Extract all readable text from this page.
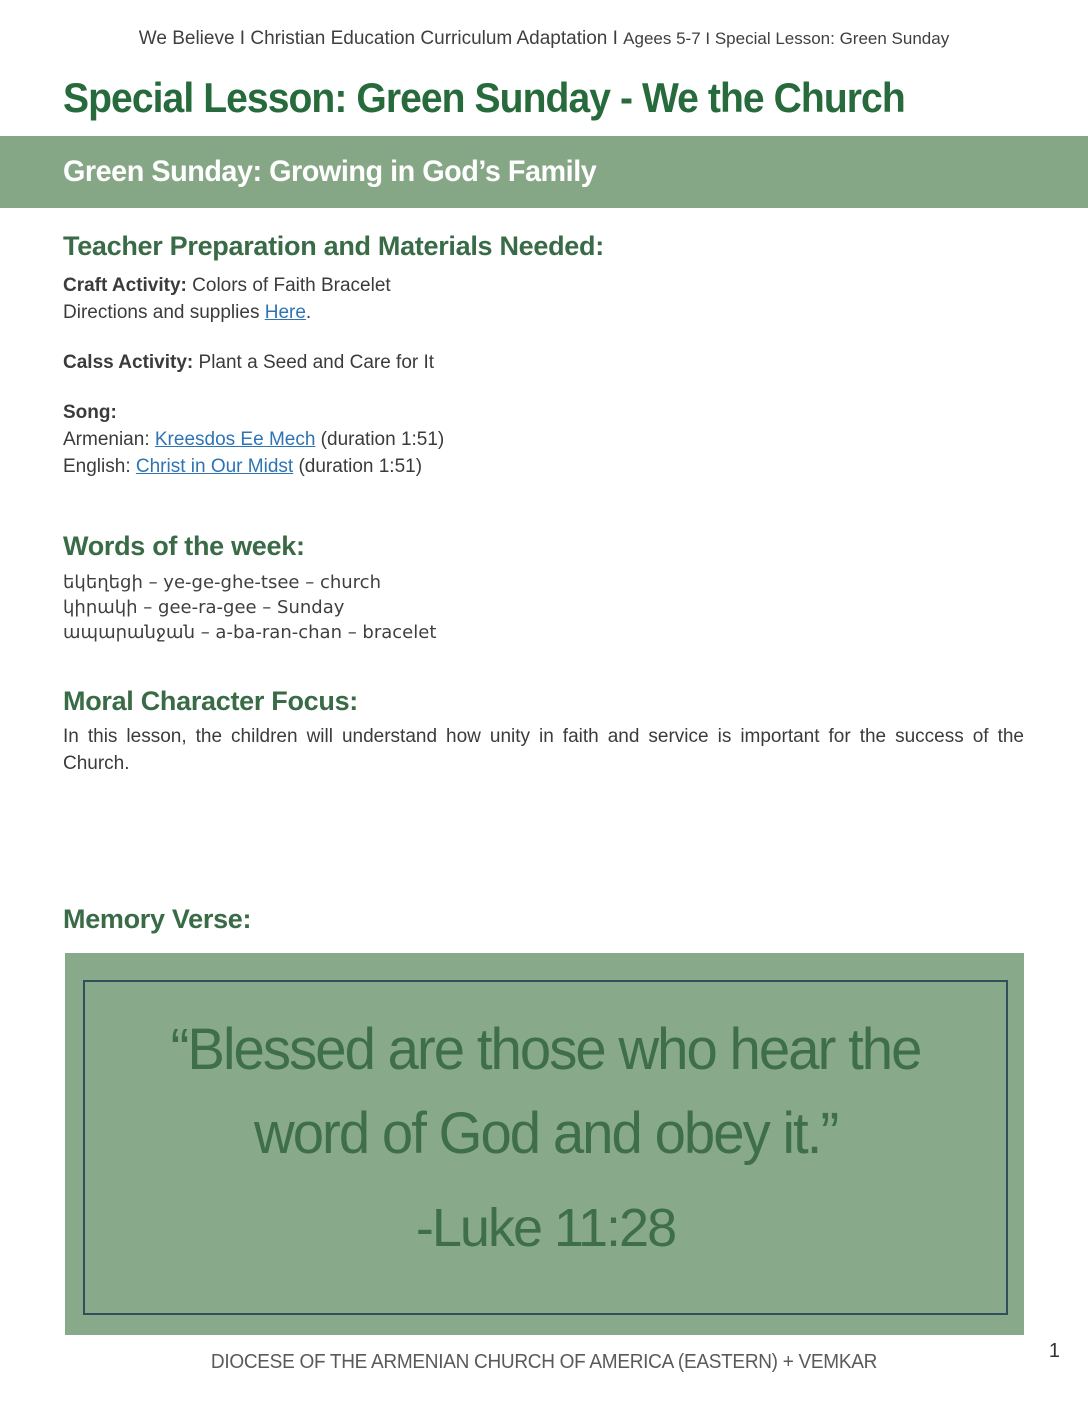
We Believe I Christian Education Curriculum Adaptation I Agees 5-7 I Special Lesson: Green Sunday
Special Lesson: Green Sunday - We the Church
Green Sunday: Growing in God’s Family
Teacher Preparation and Materials Needed:
Craft Activity: Colors of Faith Bracelet
Directions and supplies Here.
Calss Activity: Plant a Seed and Care for It
Song:
Armenian: Kreesdos Ee Mech (duration 1:51)
English: Christ in Our Midst (duration 1:51)
Words of the week:
եկեղեցի – ye-ge-ghe-tsee – church
կիրակի – gee-ra-gee – Sunday
ապարանջան – a-ba-ran-chan – bracelet
Moral Character Focus:

In this lesson, the children will understand how unity in faith and service is important for the success of the Church.

Memory Verse:
“Blessed are those who hear the
word of God and obey it.”
-Luke 11:28
DIOCESE OF THE ARMENIAN CHURCH OF AMERICA (EASTERN) + VEMKAR	1
